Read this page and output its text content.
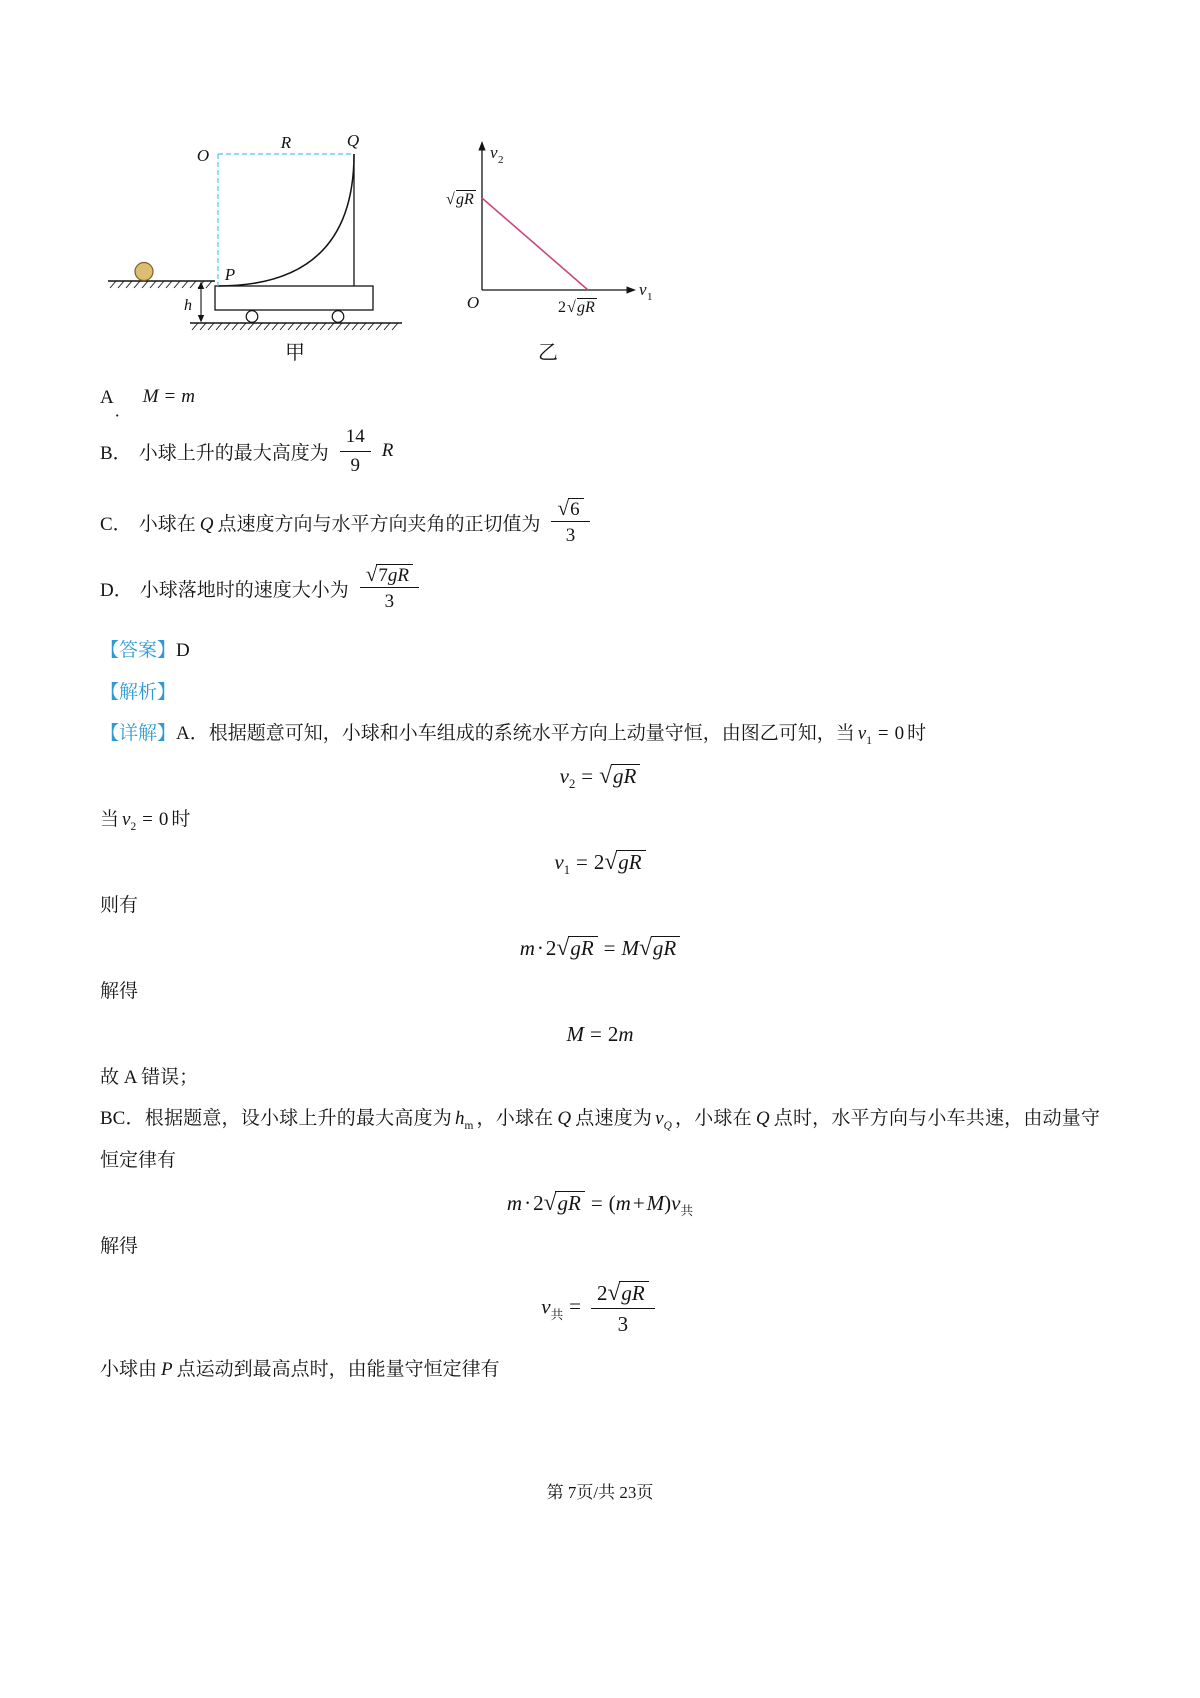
h
O
R	Q
P
甲
v 2
v 1
√ gR
O	2 √ gR
乙
$A_.$
M = m
B． 小球上升的最大高度为 $\frac{14}{9}$ R
C． 小球在 Q 点速度方向与水平方向夹角的正切值为 $\frac{√ 6}{3}$
D． 小球落地时的速度大小为 $\frac{√ 7gR}{3}$

【答案】D

【解析】

【详解】A．根据题意可知，小球和小车组成的系统水平方向上动量守恒，由图乙可知，当 $v_1 = 0$ 时

$v_2$ = √ gR

当 $v_2 = 0$ 时

$v_1 = 2$ √ gR

则有

m·2 √ gR = M √ gR

解得

M = 2m

故 A 错误；

BC．根据题意，设小球上升的最大高度为 $h_m$ ，小球在 Q 点速度为 $v_Q$ ，小球在 Q 点时，水平方向与小车共速，由动量守恒定律有

m·2 √ gR = $(m+M)v_共$

解得

$v_共 = \frac{2 √ gR}{3}$

小球由 P 点运动到最高点时，由能量守恒定律有

第 7页/共 23页
